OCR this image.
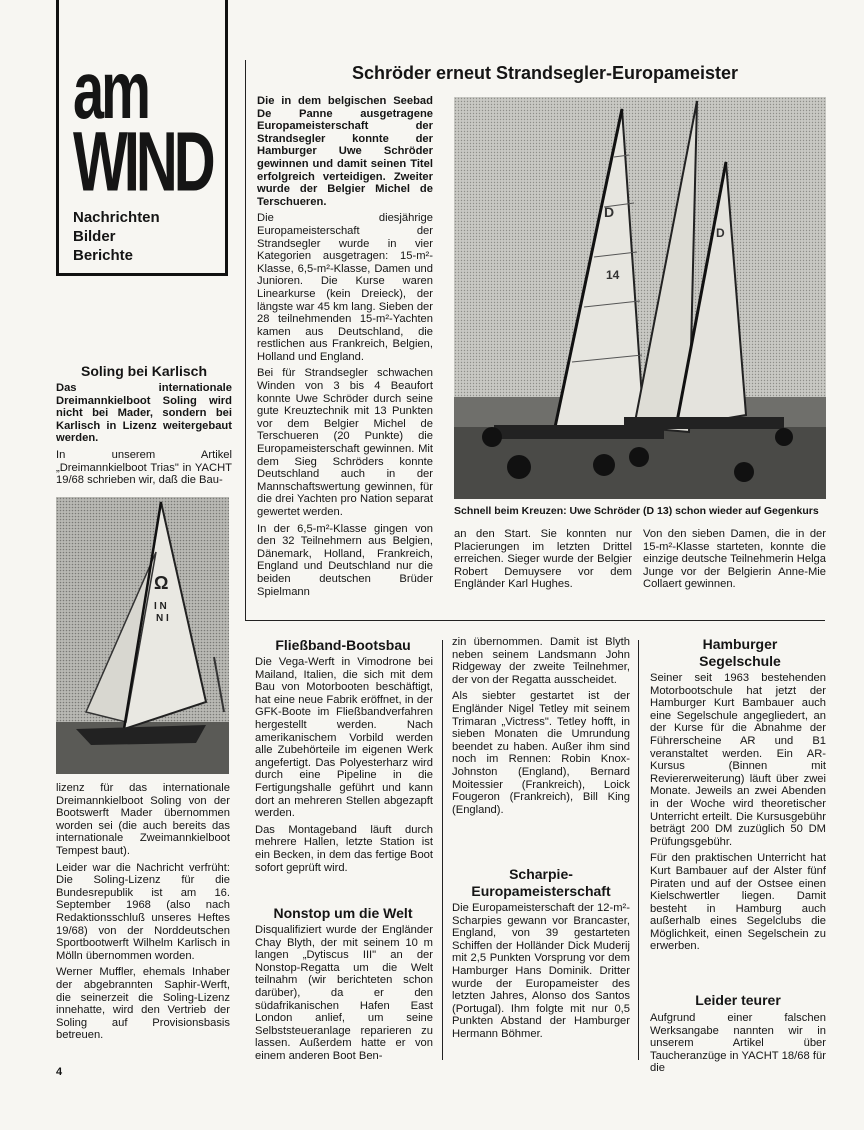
am
WIND
Nachrichten
Bilder
Berichte
Schröder erneut Strandsegler-Europameister

Die in dem belgischen Seebad De Panne ausgetragene Europameisterschaft der Strandsegler konnte der Hamburger Uwe Schröder gewinnen und damit seinen Titel erfolgreich verteidigen. Zweiter wurde der Belgier Michel de Terschueren.

Die diesjährige Europameisterschaft der Strandsegler wurde in vier Kategorien ausgetragen: 15-m²-Klasse, 6,5-m²-Klasse, Damen und Junioren. Die Kurse waren Linearkurse (kein Dreieck), der längste war 45 km lang. Sieben der 28 teilnehmenden 15-m²-Yachten kamen aus Deutschland, die restlichen aus Frankreich, Belgien, Holland und England.

Bei für Strandsegler schwachen Winden von 3 bis 4 Beaufort konnte Uwe Schröder durch seine gute Kreuztechnik mit 13 Punkten vor dem Belgier Michel de Terschueren (20 Punkte) die Europameisterschaft gewinnen. Mit dem Sieg Schröders konnte Deutschland auch in der Mannschaftswertung gewinnen, für die drei Yachten pro Nation separat gewertet werden.

In der 6,5-m²-Klasse gingen von den 32 Teilnehmern aus Belgien, Dänemark, Holland, Frankreich, England und Deutschland nur die beiden deutschen Brüder Spielmann

D
14
D
Schnell beim Kreuzen: Uwe Schröder (D 13) schon wieder auf Gegenkurs
an den Start. Sie konnten nur Placierungen im letzten Drittel erreichen. Sieger wurde der Belgier Robert Demuysere vor dem Engländer Karl Hughes.
Von den sieben Damen, die in der 15-m²-Klasse starteten, konnte die einzige deutsche Teilnehmerin Helga Junge vor der Belgierin Anne-Mie Collaert gewinnen.
Soling bei Karlisch

Das internationale Dreimannkielboot Soling wird nicht bei Mader, sondern bei Karlisch in Lizenz weitergebaut werden.

In unserem Artikel „Dreimannkielboot Trias" in YACHT 19/68 schrieben wir, daß die Bau-

Ω
I N
N I

lizenz für das internationale Dreimannkielboot Soling von der Bootswerft Mader übernommen worden sei (die auch bereits das internationale Zweimannkielboot Tempest baut).

Leider war die Nachricht verfrüht: Die Soling-Lizenz für die Bundesrepublik ist am 16. September 1968 (also nach Redaktionsschluß unseres Heftes 19/68) von der Norddeutschen Sportbootwerft Wilhelm Karlisch in Mölln übernommen worden.

Werner Muffler, ehemals Inhaber der abgebrannten Saphir-Werft, die seinerzeit die Soling-Lizenz innehatte, wird den Vertrieb der Soling auf Provisionsbasis betreuen.

Fließband-Bootsbau

Die Vega-Werft in Vimodrone bei Mailand, Italien, die sich mit dem Bau von Motorbooten beschäftigt, hat eine neue Fabrik eröffnet, in der GFK-Boote im Fließbandverfahren hergestellt werden. Nach amerikanischem Vorbild werden alle Zubehörteile im eigenen Werk angefertigt. Das Polyesterharz wird durch eine Pipeline in die Fertigungshalle geführt und kann dort an mehreren Stellen abgezapft werden.

Das Montageband läuft durch mehrere Hallen, letzte Station ist ein Becken, in dem das fertige Boot sofort geprüft wird.

Nonstop um die Welt
Disqualifiziert wurde der Engländer Chay Blyth, der mit seinem 10 m langen „Dytiscus III" an der Nonstop-Regatta um die Welt teilnahm (wir berichteten schon darüber), da er den südafrikanischen Hafen East London anlief, um seine Selbststeueranlage reparieren zu lassen. Außerdem hatte er von einem anderen Boot Ben-

zin übernommen. Damit ist Blyth neben seinem Landsmann John Ridgeway der zweite Teilnehmer, der von der Regatta ausscheidet.

Als siebter gestartet ist der Engländer Nigel Tetley mit seinem Trimaran „Victress". Tetley hofft, in sieben Monaten die Umrundung beendet zu haben. Außer ihm sind noch im Rennen: Robin Knox-Johnston (England), Bernard Moitessier (Frankreich), Loick Fougeron (Frankreich), Bill King (England).

Scharpie-Europameisterschaft
Die Europameisterschaft der 12-m²-Scharpies gewann vor Brancaster, England, von 39 gestarteten Schiffen der Holländer Dick Muderij mit 2,5 Punkten Vorsprung vor dem Hamburger Hans Dominik. Dritter wurde der Europameister des letzten Jahres, Alonso dos Santos (Portugal). Ihm folgte mit nur 0,5 Punkten Abstand der Hamburger Hermann Böhmer.
Hamburger Segelschule

Seiner seit 1963 bestehenden Motorbootschule hat jetzt der Hamburger Kurt Bambauer auch eine Segelschule angegliedert, an der Kurse für die Abnahme der Führerscheine AR und B1 veranstaltet werden. Ein AR-Kursus (Binnen mit Reviererweiterung) läuft über zwei Monate. Jeweils an zwei Abenden in der Woche wird theoretischer Unterricht erteilt. Die Kursusgebühr beträgt 200 DM zuzüglich 50 DM Prüfungsgebühr.

Für den praktischen Unterricht hat Kurt Bambauer auf der Alster fünf Piraten und auf der Ostsee einen Kielschwertler liegen. Damit besteht in Hamburg auch außerhalb eines Segelclubs die Möglichkeit, einen Segelschein zu erwerben.

Leider teurer
Aufgrund einer falschen Werksangabe nannten wir in unserem Artikel über Taucheranzüge in YACHT 18/68 für die
4
